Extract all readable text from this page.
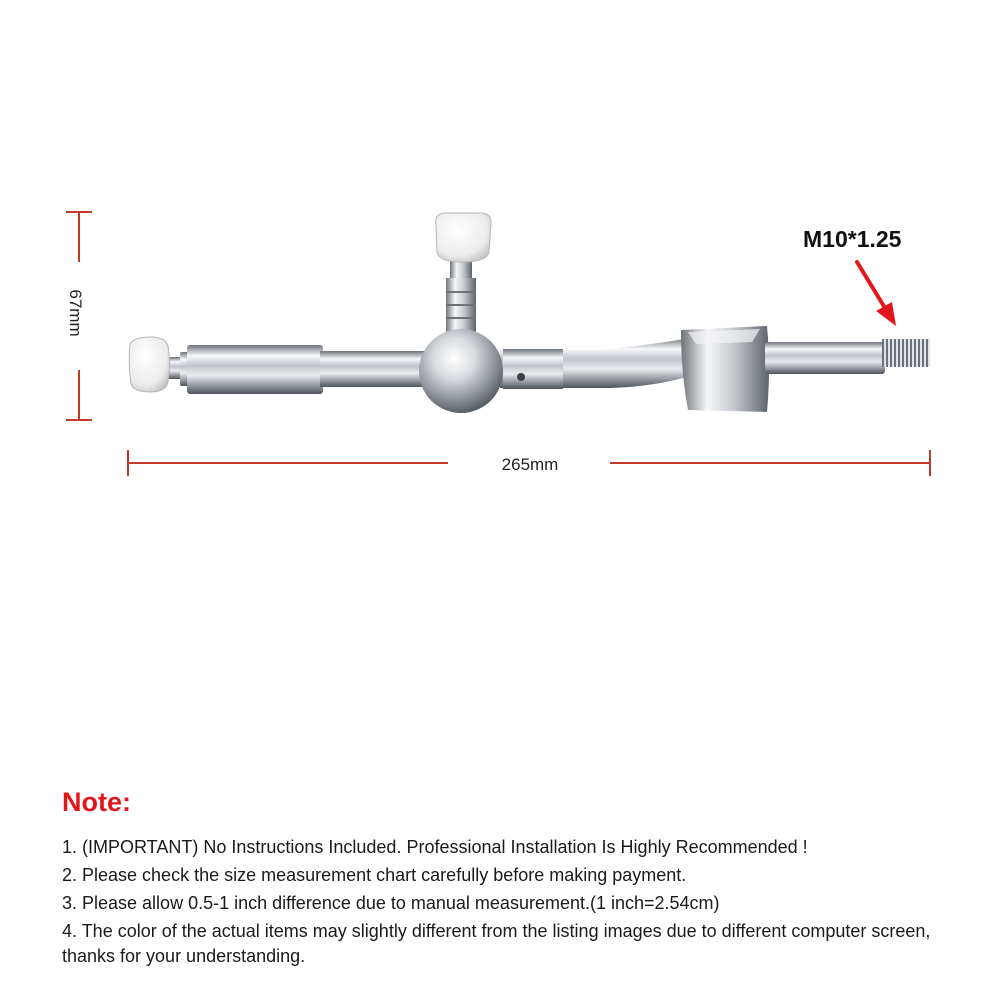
67mm
265mm
M10*1.25
Note:
1. (IMPORTANT) No Instructions Included. Professional Installation Is Highly Recommended !
2. Please check the size measurement chart carefully before making payment.
3. Please allow 0.5-1 inch difference due to manual measurement.(1 inch=2.54cm)
4. The color of the actual items may slightly different from the listing images due to different computer screen, thanks for your understanding.
